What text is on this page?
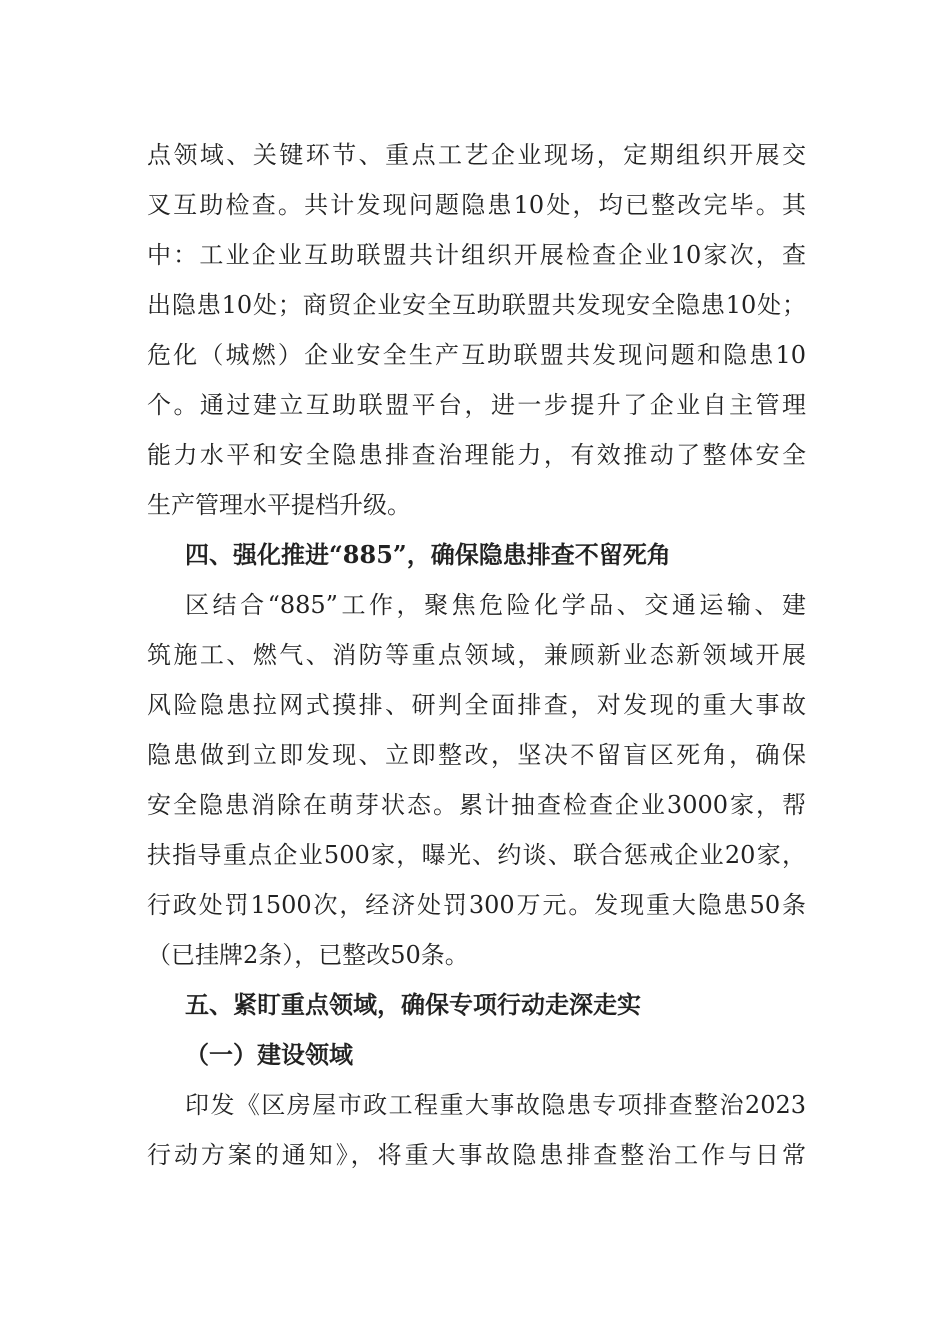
点领域、关键环节、重点工艺企业现场，定期组织开展交
叉互助检查。共计发现问题隐患10处，均已整改完毕。其
中：工业企业互助联盟共计组织开展检查企业10家次，查
出隐患10处；商贸企业安全互助联盟共发现安全隐患10处；
危化（城燃）企业安全生产互助联盟共发现问题和隐患10
个。通过建立互助联盟平台，进一步提升了企业自主管理
能力水平和安全隐患排查治理能力，有效推动了整体安全
生产管理水平提档升级。
四、强化推进“885”，确保隐患排查不留死角
区结合“885”工作，聚焦危险化学品、交通运输、建
筑施工、燃气、消防等重点领域，兼顾新业态新领域开展
风险隐患拉网式摸排、研判全面排查，对发现的重大事故
隐患做到立即发现、立即整改，坚决不留盲区死角，确保
安全隐患消除在萌芽状态。累计抽查检查企业3000家，帮
扶指导重点企业500家，曝光、约谈、联合惩戒企业20家，
行政处罚1500次，经济处罚300万元。发现重大隐患50条
（已挂牌2条），已整改50条。
五、紧盯重点领域，确保专项行动走深走实
（一）建设领域
印发《区房屋市政工程重大事故隐患专项排查整治2023
行动方案的通知》，将重大事故隐患排查整治工作与日常
